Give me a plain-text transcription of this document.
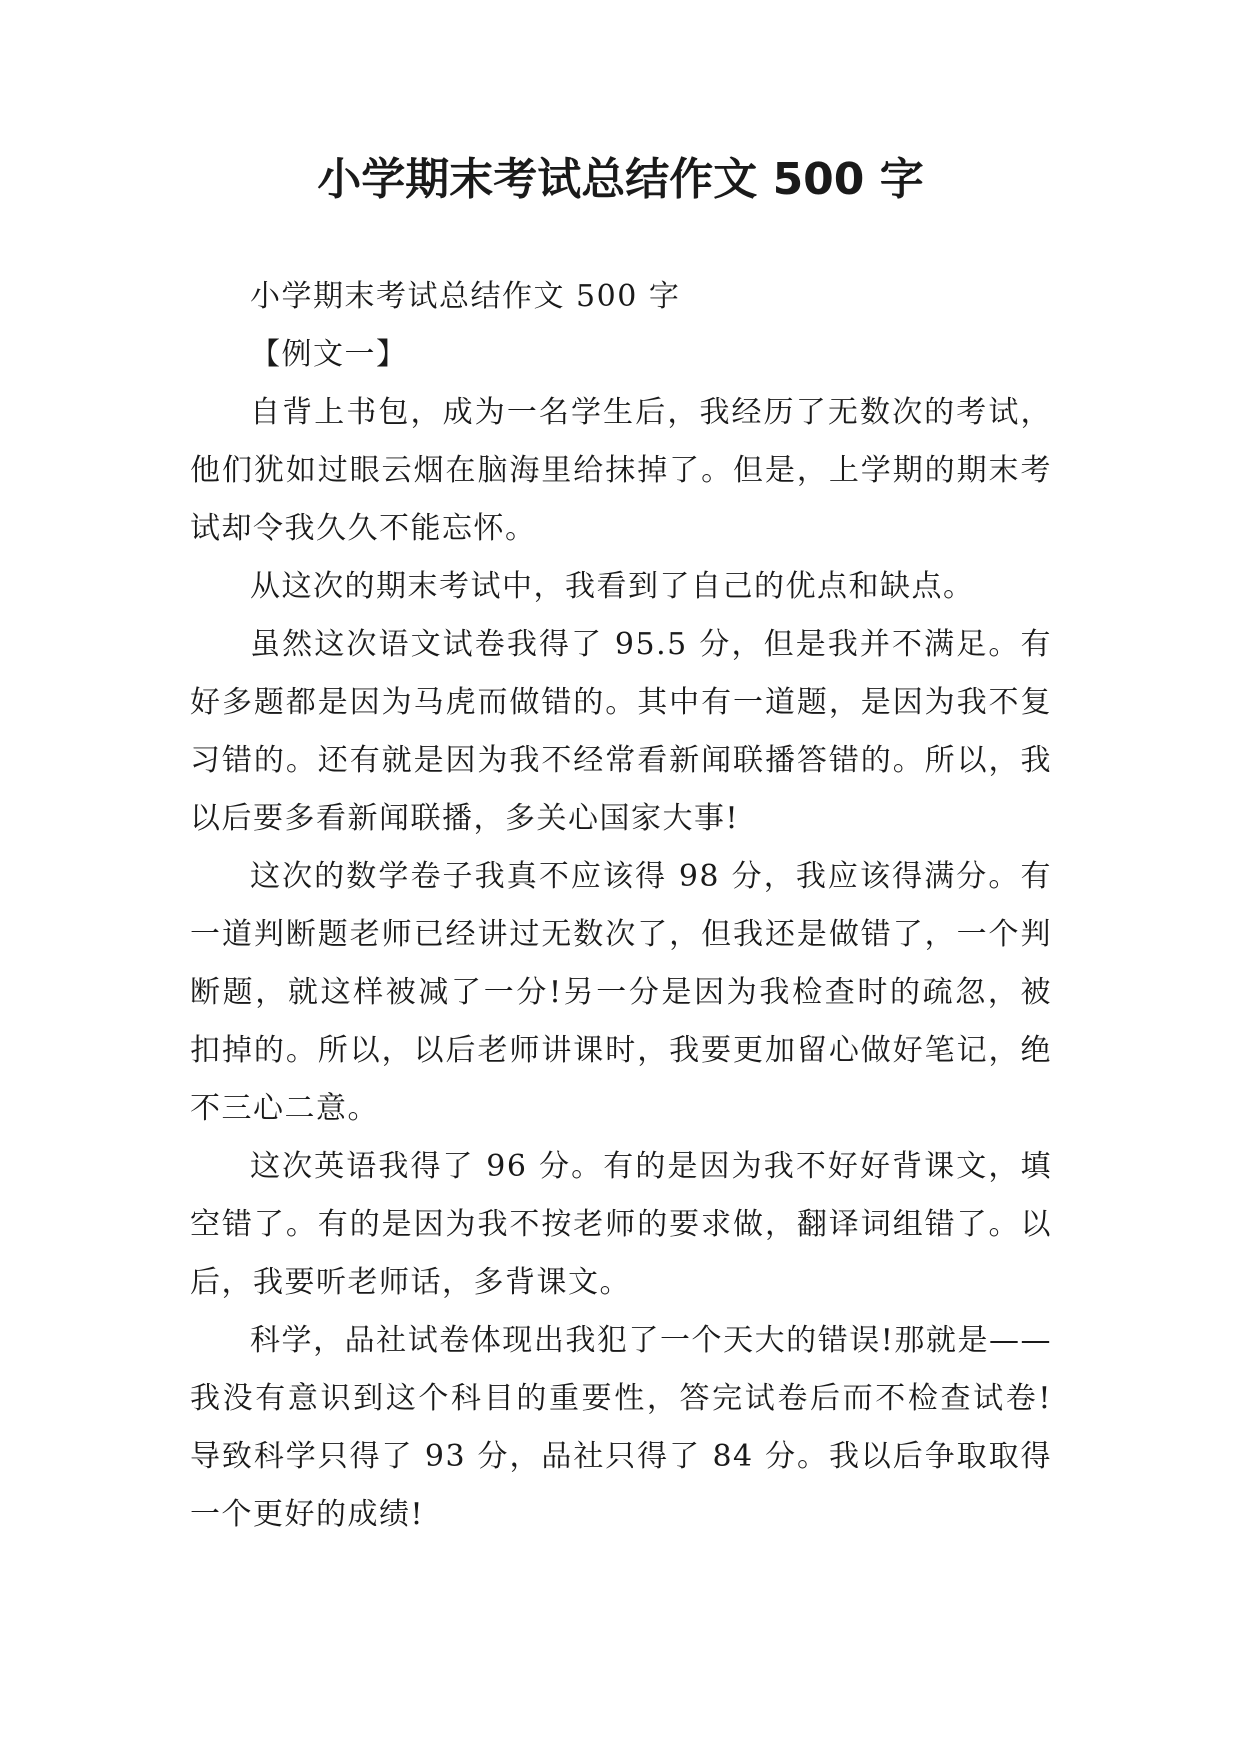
小学期末考试总结作文 500 字

小学期末考试总结作文 500 字

【例文一】

自背上书包，成为一名学生后，我经历了无数次的考试，他们犹如过眼云烟在脑海里给抹掉了。但是，上学期的期末考试却令我久久不能忘怀。

从这次的期末考试中，我看到了自己的优点和缺点。

虽然这次语文试卷我得了 95.5 分，但是我并不满足。有好多题都是因为马虎而做错的。其中有一道题，是因为我不复习错的。还有就是因为我不经常看新闻联播答错的。所以，我以后要多看新闻联播，多关心国家大事!

这次的数学卷子我真不应该得 98 分，我应该得满分。有一道判断题老师已经讲过无数次了，但我还是做错了，一个判断题，就这样被减了一分!另一分是因为我检查时的疏忽，被扣掉的。所以，以后老师讲课时，我要更加留心做好笔记，绝不三心二意。

这次英语我得了 96 分。有的是因为我不好好背课文，填空错了。有的是因为我不按老师的要求做，翻译词组错了。以后，我要听老师话，多背课文。

科学，品社试卷体现出我犯了一个天大的错误!那就是——我没有意识到这个科目的重要性，答完试卷后而不检查试卷!导致科学只得了 93 分，品社只得了 84 分。我以后争取取得一个更好的成绩!
